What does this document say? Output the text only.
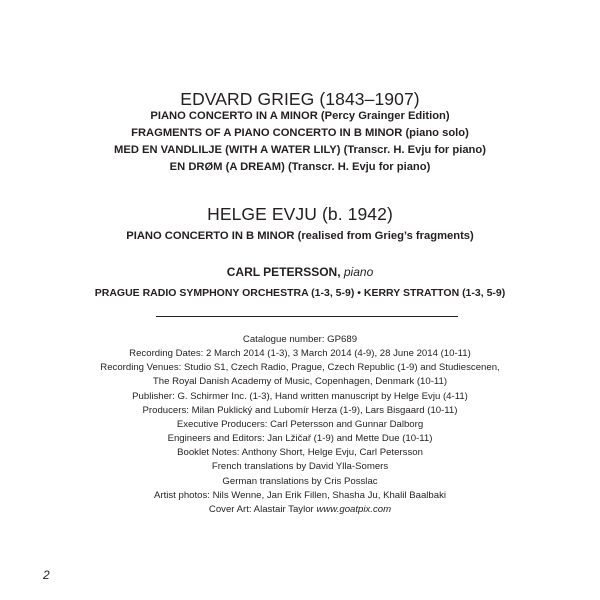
EDVARD GRIEG (1843–1907)
PIANO CONCERTO IN A MINOR (Percy Grainger Edition)
FRAGMENTS OF A PIANO CONCERTO IN B MINOR (piano solo)
MED EN VANDLILJE (WITH A WATER LILY) (Transcr. H. Evju for piano)
EN DRØM (A DREAM) (Transcr. H. Evju for piano)
HELGE EVJU (b. 1942)
PIANO CONCERTO IN B MINOR (realised from Grieg’s fragments)
CARL PETERSSON, piano
PRAGUE RADIO SYMPHONY ORCHESTRA (1-3, 5-9) • KERRY STRATTON (1-3, 5-9)
Catalogue number: GP689
Recording Dates: 2 March 2014 (1-3), 3 March 2014 (4-9), 28 June 2014 (10-11)
Recording Venues: Studio S1, Czech Radio, Prague, Czech Republic (1-9) and Studiescenen,
The Royal Danish Academy of Music, Copenhagen, Denmark (10-11)
Publisher: G. Schirmer Inc. (1-3), Hand written manuscript by Helge Evju (4-11)
Producers: Milan Puklický and Lubomír Herza (1-9), Lars Bisgaard (10-11)
Executive Producers: Carl Petersson and Gunnar Dalborg
Engineers and Editors: Jan Lžičař (1-9) and Mette Due (10-11)
Booklet Notes: Anthony Short, Helge Evju, Carl Petersson
French translations by David Ylla-Somers
German translations by Cris Posslac
Artist photos: Nils Wenne, Jan Erik Fillen, Shasha Ju, Khalil Baalbaki
Cover Art: Alastair Taylor www.goatpix.com
2
